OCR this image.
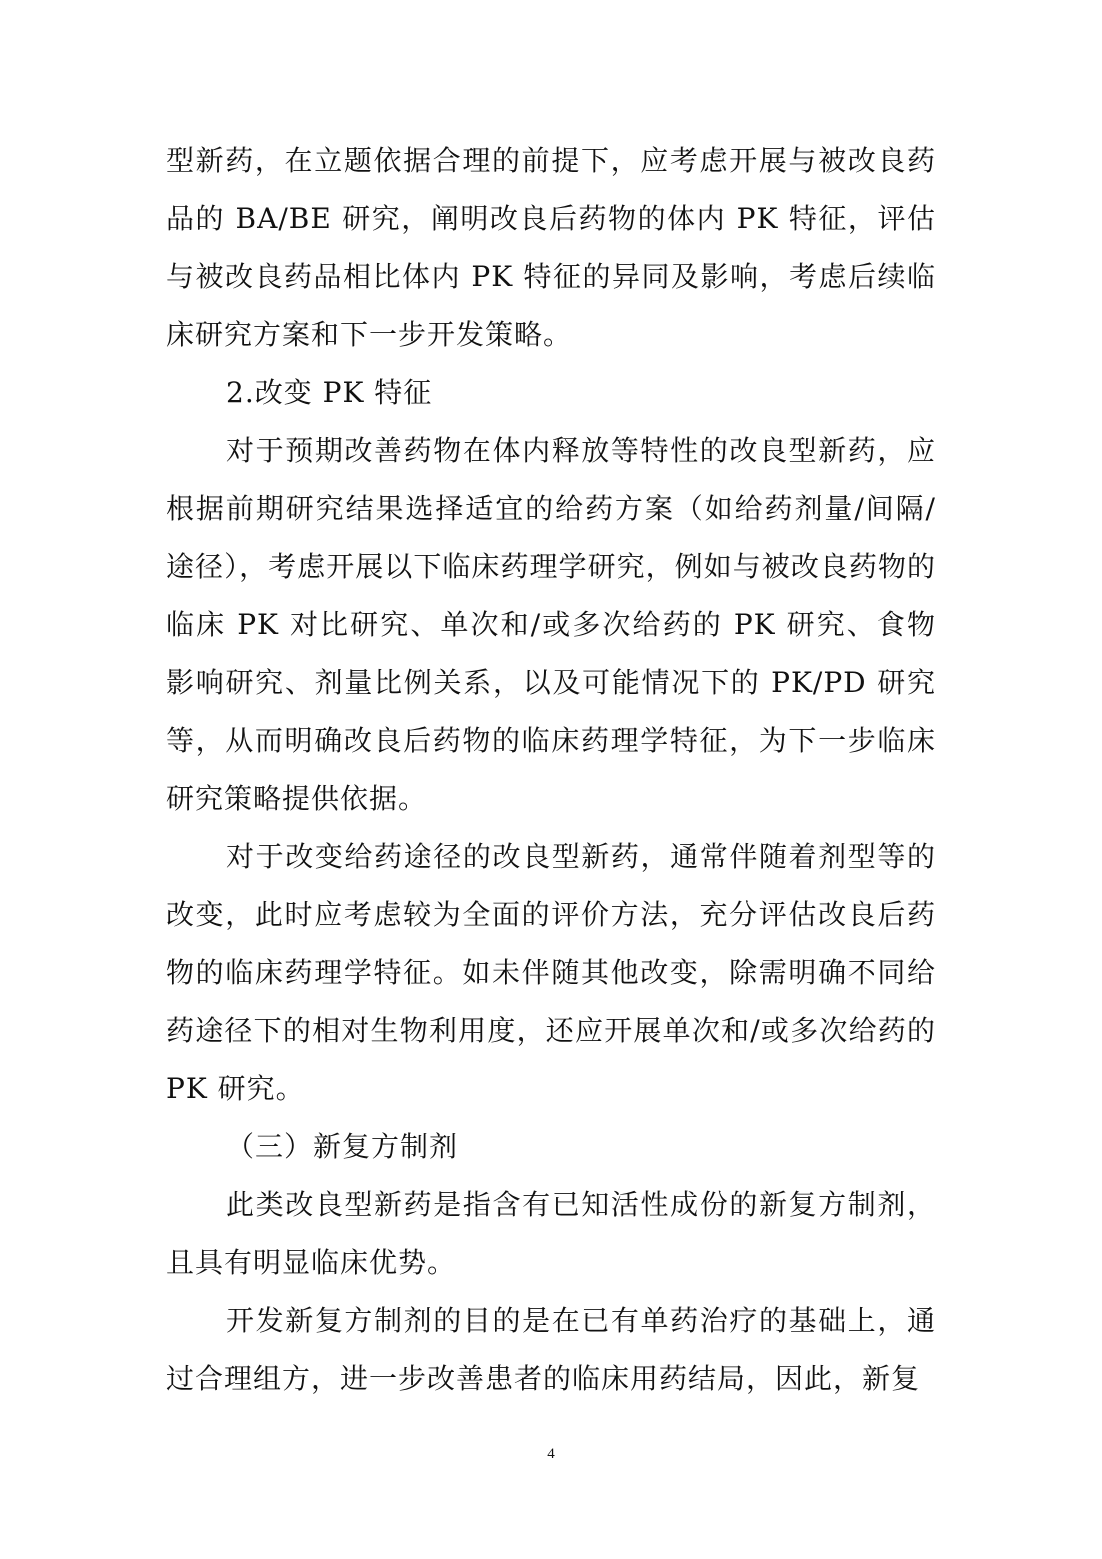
型新药，在立题依据合理的前提下，应考虑开展与被改良药品的 BA/BE 研究，阐明改良后药物的体内 PK 特征，评估与被改良药品相比体内 PK 特征的异同及影响，考虑后续临床研究方案和下一步开发策略。

2.改变 PK 特征

对于预期改善药物在体内释放等特性的改良型新药，应根据前期研究结果选择适宜的给药方案（如给药剂量/间隔/途径），考虑开展以下临床药理学研究，例如与被改良药物的临床 PK 对比研究、单次和/或多次给药的 PK 研究、食物影响研究、剂量比例关系，以及可能情况下的 PK/PD 研究等，从而明确改良后药物的临床药理学特征，为下一步临床研究策略提供依据。

对于改变给药途径的改良型新药，通常伴随着剂型等的改变，此时应考虑较为全面的评价方法，充分评估改良后药物的临床药理学特征。如未伴随其他改变，除需明确不同给药途径下的相对生物利用度，还应开展单次和/或多次给药的 PK 研究。

（三）新复方制剂

此类改良型新药是指含有已知活性成份的新复方制剂，且具有明显临床优势。

开发新复方制剂的目的是在已有单药治疗的基础上，通过合理组方，进一步改善患者的临床用药结局，因此，新复

4
